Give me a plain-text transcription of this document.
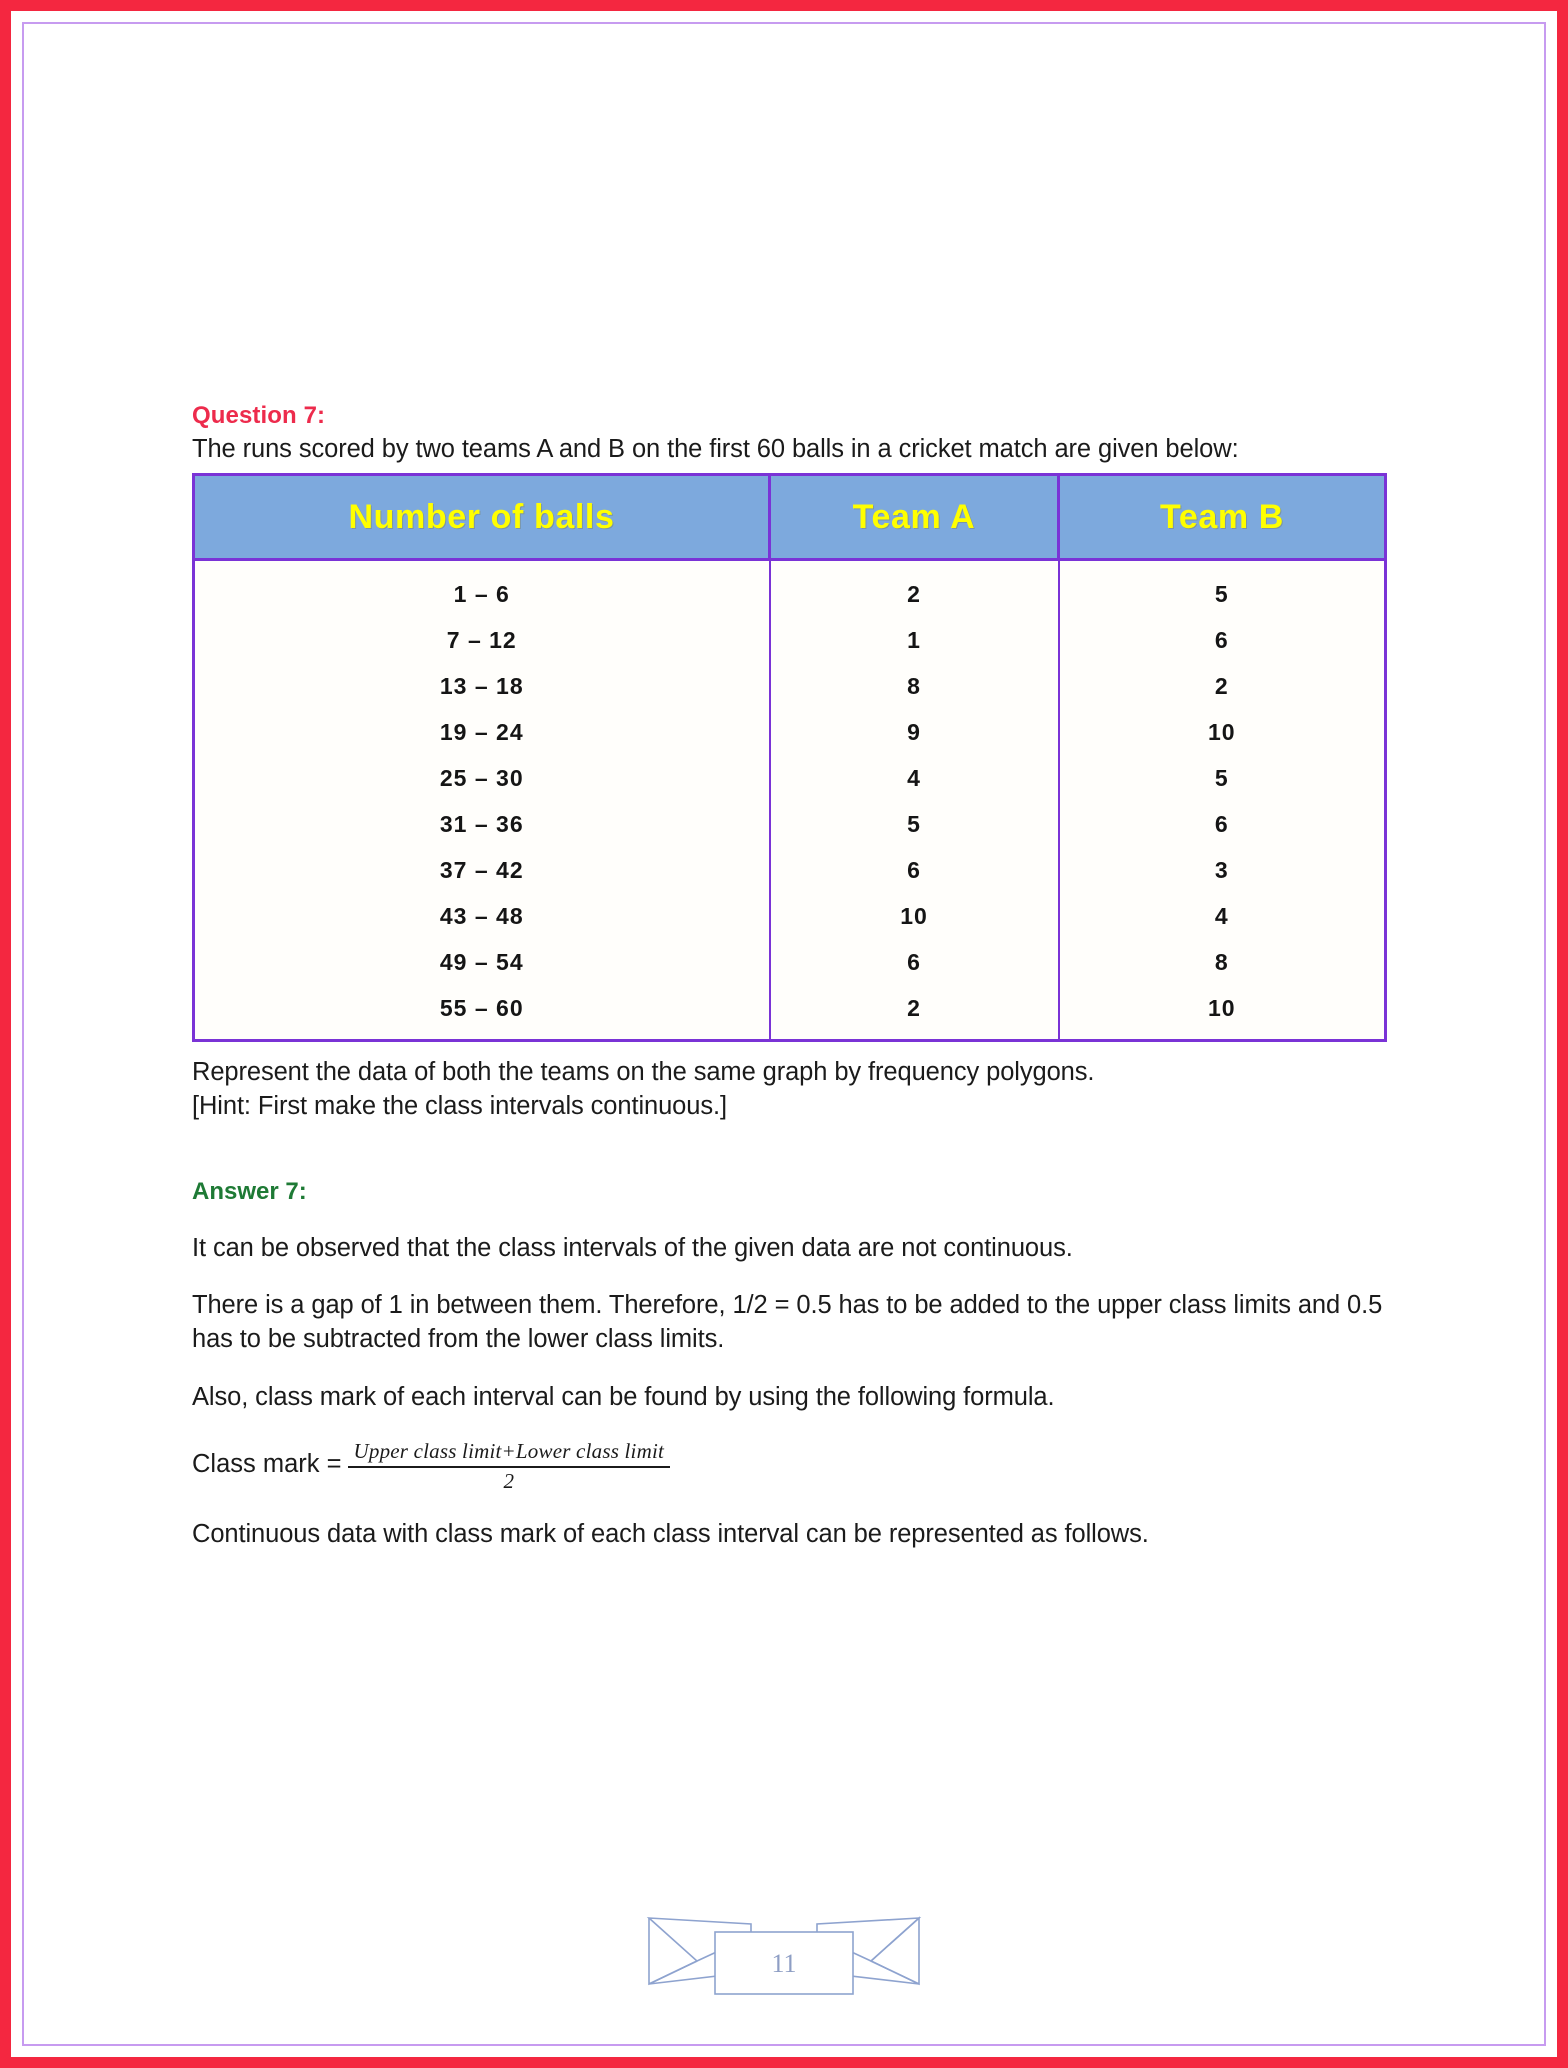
Question 7:

The runs scored by two teams A and B on the first 60 balls in a cricket match are given below:

Number of balls	Team A	Team B
1 – 6	2	5
7 – 12	1	6
13 – 18	8	2
19 – 24	9	10
25 – 30	4	5
31 – 36	5	6
37 – 42	6	3
43 – 48	10	4
49 – 54	6	8
55 – 60	2	10

Represent the data of both the teams on the same graph by frequency polygons.

[Hint: First make the class intervals continuous.]

Answer 7:

It can be observed that the class intervals of the given data are not continuous.

There is a gap of 1 in between them. Therefore, 1/2 = 0.5 has to be added to the upper class limits and 0.5 has to be subtracted from the lower class limits.

Also, class mark of each interval can be found by using the following formula.

Class mark = $\frac{\text{Upper class limit+Lower class limit}}{2}$

Continuous data with class mark of each class interval can be represented as follows.

11
